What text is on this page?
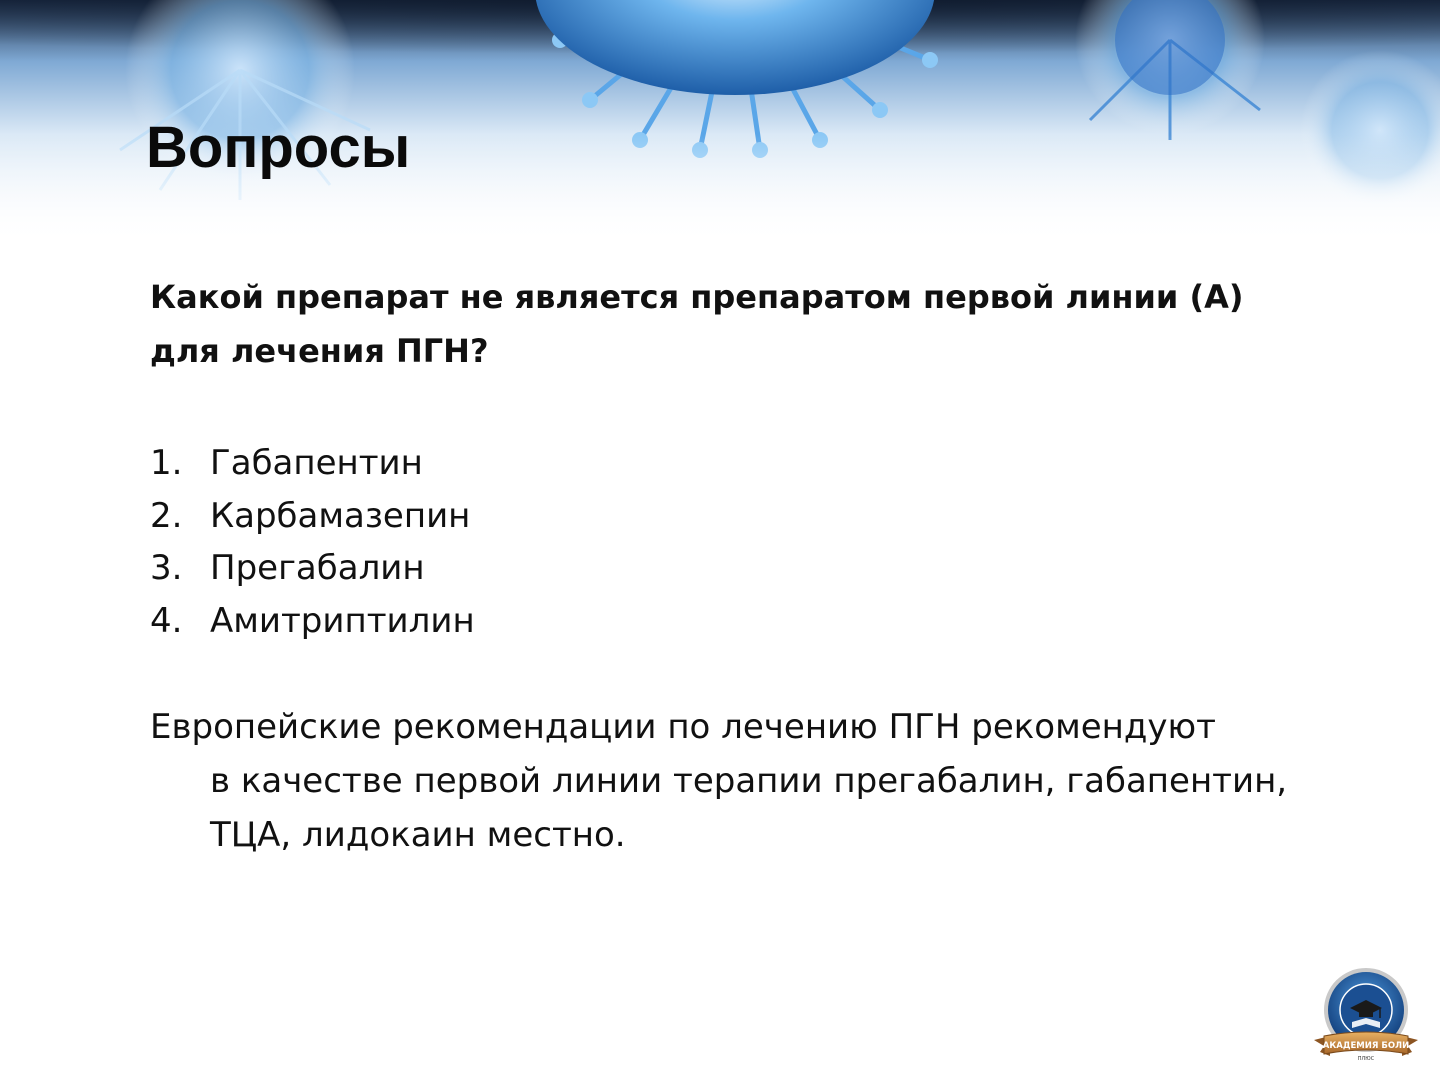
Вопросы
Какой препарат не является препаратом первой линии (А)
для лечения ПГН?
1. Габапентин
2. Карбамазепин
3. Прегабалин
4. Амитриптилин
Европейские рекомендации по лечению ПГН рекомендуют
в качестве первой линии терапии прегабалин, габапентин,
ТЦА, лидокаин местно.
АКАДЕМИЯ БОЛИ
ПЛЮС
